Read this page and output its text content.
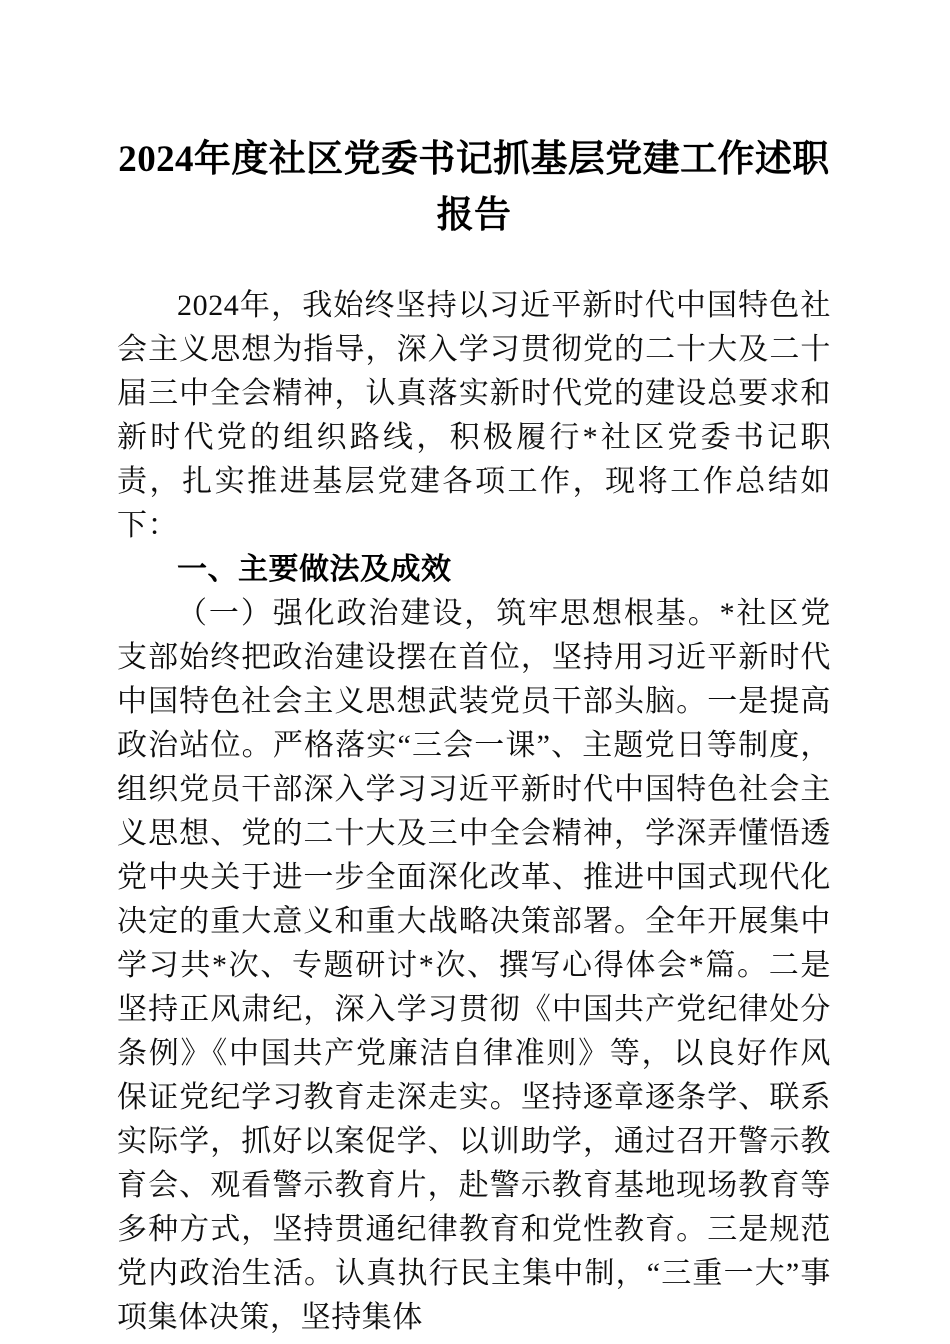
2024年度社区党委书记抓基层党建工作述职报告

2024年，我始终坚持以习近平新时代中国特色社会主义思想为指导，深入学习贯彻党的二十大及二十届三中全会精神，认真落实新时代党的建设总要求和新时代党的组织路线，积极履行*社区党委书记职责，扎实推进基层党建各项工作，现将工作总结如下：

一、主要做法及成效

（一）强化政治建设，筑牢思想根基。*社区党支部始终把政治建设摆在首位，坚持用习近平新时代中国特色社会主义思想武装党员干部头脑。一是提高政治站位。严格落实“三会一课”、主题党日等制度，组织党员干部深入学习习近平新时代中国特色社会主义思想、党的二十大及三中全会精神，学深弄懂悟透党中央关于进一步全面深化改革、推进中国式现代化决定的重大意义和重大战略决策部署。全年开展集中学习共*次、专题研讨*次、撰写心得体会*篇。二是坚持正风肃纪，深入学习贯彻《中国共产党纪律处分条例》《中国共产党廉洁自律准则》等，以良好作风保证党纪学习教育走深走实。坚持逐章逐条学、联系实际学，抓好以案促学、以训助学，通过召开警示教育会、观看警示教育片，赴警示教育基地现场教育等多种方式，坚持贯通纪律教育和党性教育。三是规范党内政治生活。认真执行民主集中制，“三重一大”事项集体决策，坚持集体
